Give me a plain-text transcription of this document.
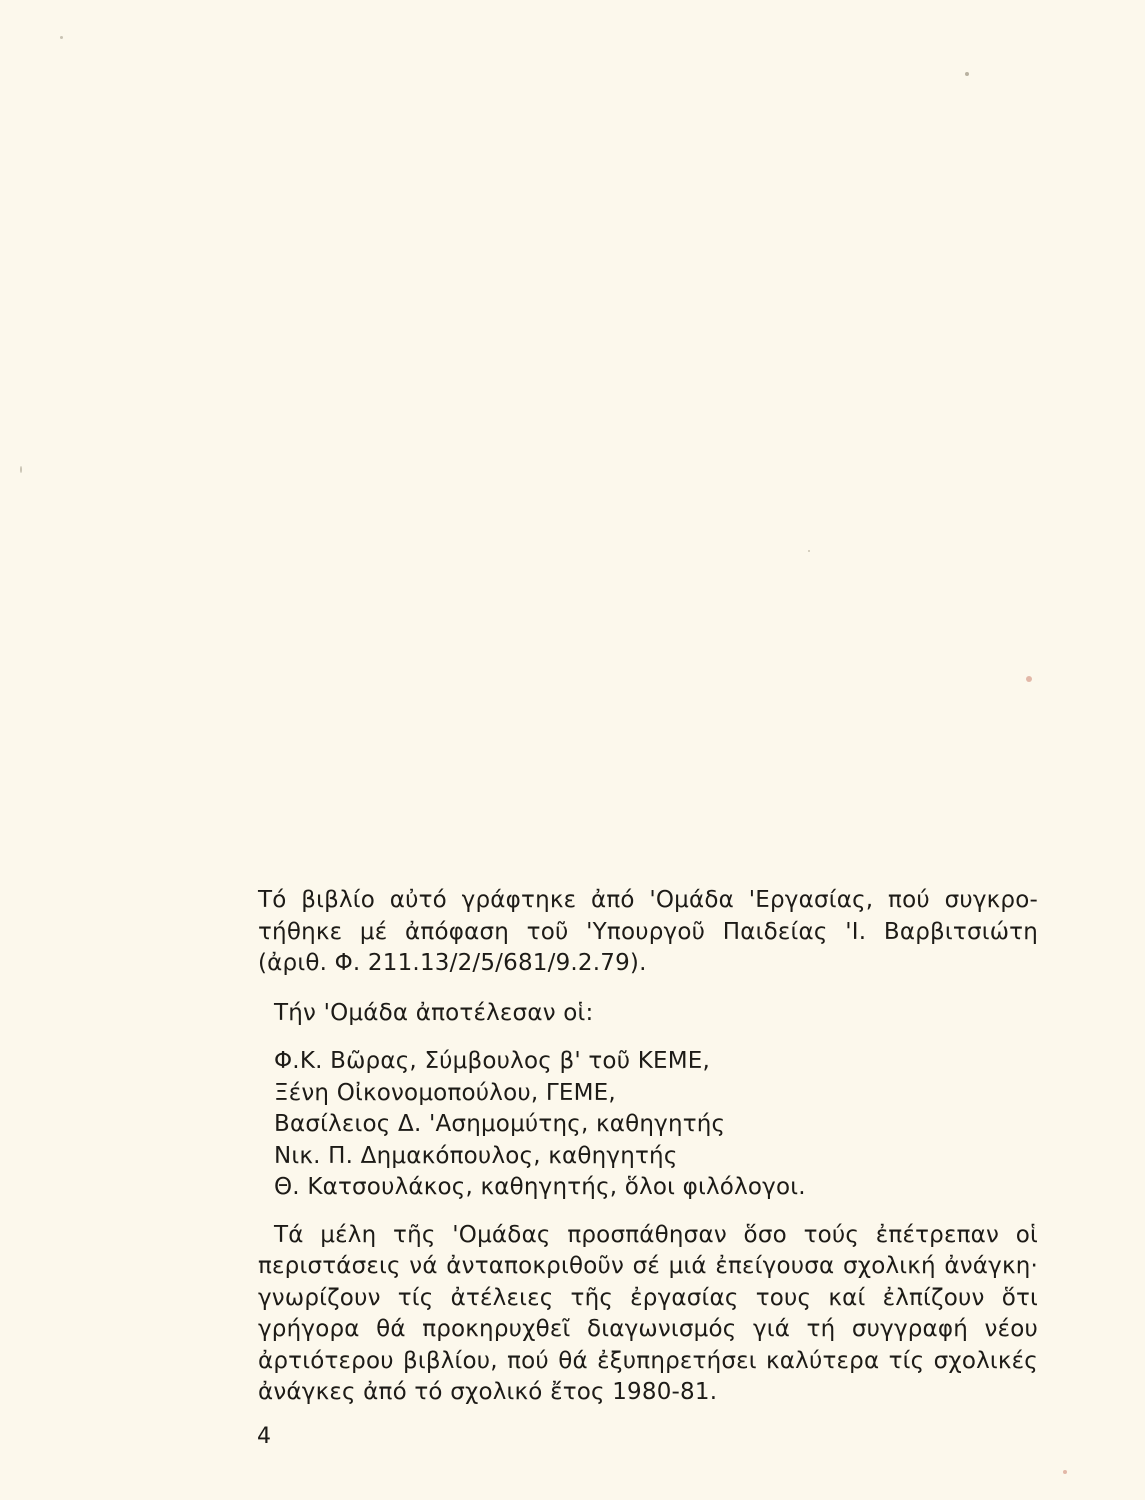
Τό βιβλίο αὐτό γράφτηκε ἀπό 'Ομάδα 'Εργασίας, πού συγκρο-
τήθηκε μέ ἀπόφαση τοῦ 'Υπουργοῦ Παιδείας 'Ι. Βαρβιτσιώτη
(ἀριθ. Φ. 211.13/2/5/681/9.2.79).

Τήν 'Ομάδα ἀποτέλεσαν οἱ:

Φ.Κ. Βῶρας, Σύμβουλος β' τοῦ ΚΕΜΕ,
Ξένη Οἰκονομοπούλου, ΓΕΜΕ,
Βασίλειος Δ. 'Ασημομύτης, καθηγητής
Νικ. Π. Δημακόπουλος, καθηγητής
Θ. Κατσουλάκος, καθηγητής, ὅλοι φιλόλογοι.

Τά μέλη τῆς 'Ομάδας προσπάθησαν ὅσο τούς ἐπέτρεπαν οἱ
περιστάσεις νά ἀνταποκριθοῦν σέ μιά ἐπείγουσα σχολική ἀνάγκη·
γνωρίζουν τίς ἀτέλειες τῆς ἐργασίας τους καί ἐλπίζουν ὅτι
γρήγορα θά προκηρυχθεῖ διαγωνισμός γιά τή συγγραφή νέου
ἀρτιότερου βιβλίου, πού θά ἐξυπηρετήσει καλύτερα τίς σχολικές
ἀνάγκες ἀπό τό σχολικό ἔτος 1980-81.

4
